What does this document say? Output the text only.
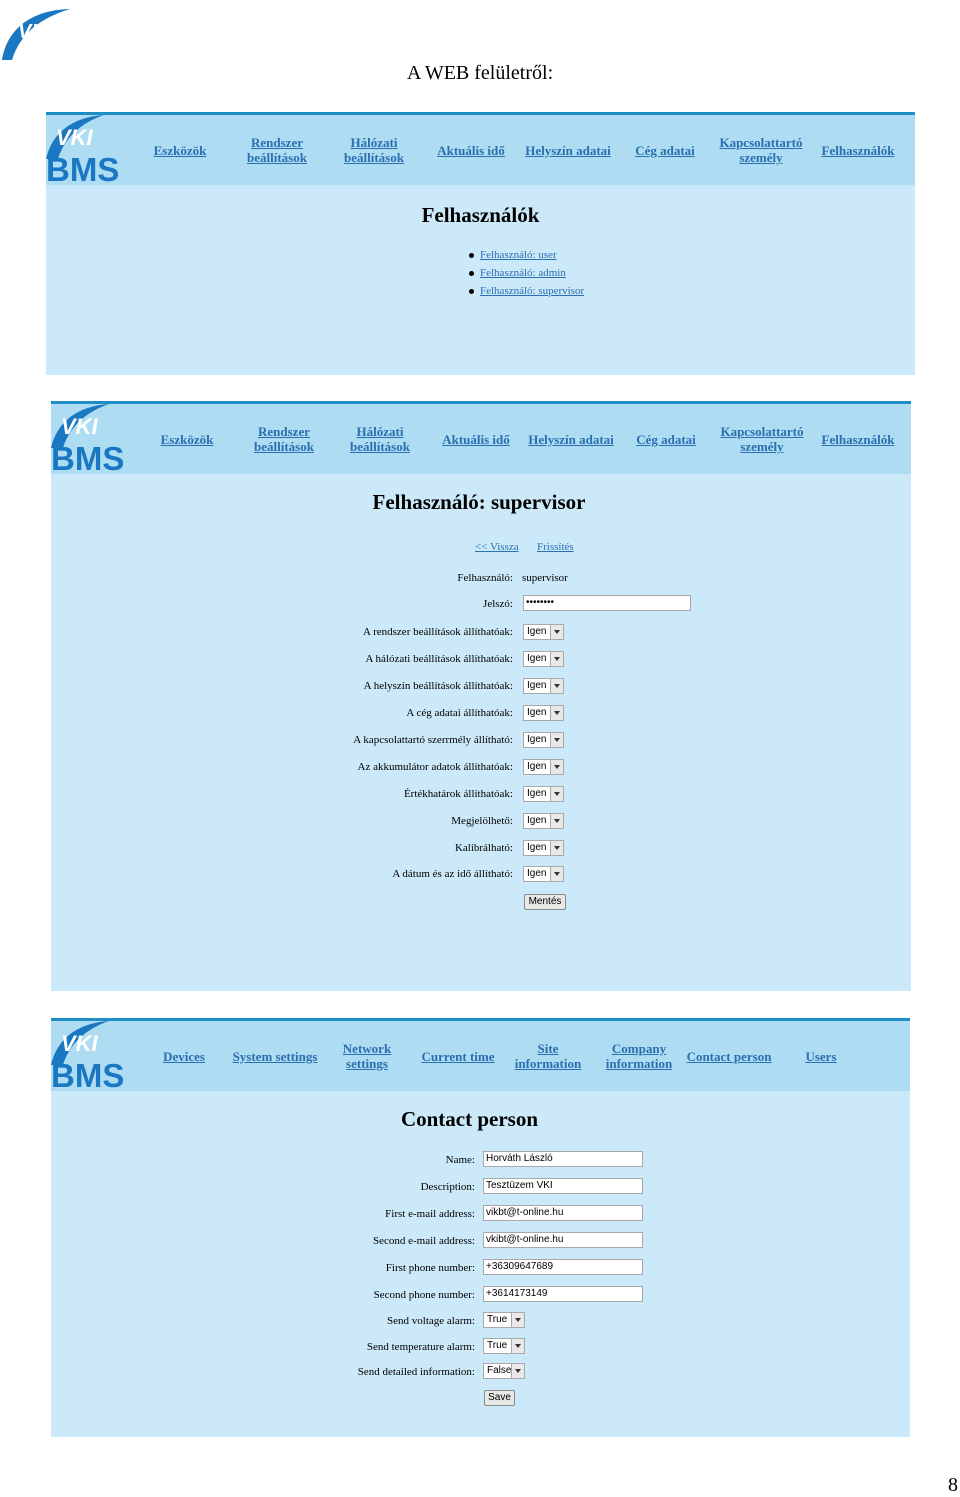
VKI
A WEB felületről:
8
VKI
BMS
Eszközök	Rendszer
beállítások
Hálózati
beállítások	Aktuális idő Helyszín adatai Cég adatai Kapcsolattartó
személy	Felhasználók
Felhasználók
Felhasználó: user
Felhasználó: admin
Felhasználó: supervisor
VKI
BMS
Eszközök	Rendszer
beállítások
Hálózati
beállítások Aktuális idő Helyszín adatai Cég adatai Kapcsolattartó
személy	Felhasználók
Felhasználó: supervisor
<< Vissza Frissítés
Felhasználó: supervisor
Jelszó:	••••••••
A rendszer beállítások állíthatóak:	Igen
A hálózati beállítások állíthatóak:	Igen
A helyszín beállítások állíthatóak:	Igen
A cég adatai állíthatóak:	Igen
A kapcsolattartó szerrmély állítható:	Igen
Az akkumulátor adatok állíthatóak:	Igen
Értékhatárok állíthatóak:	Igen
Megjelölhető:	Igen
Kalibrálható:	Igen
A dátum és az idő állítható:	Igen
Mentés
VKI
BMS
Devices System settings Network
settings	Current time	Site
information
Company
information Contact person	Users
Contact person
Name:	Horváth László
Description:	Tesztüzem VKI
First e-mail address:	vikbt@t-online.hu
Second e-mail address:	vkibt@t-online.hu
First phone number:	+36309647689
Second phone number:	+3614173149
Send voltage alarm:	True
Send temperature alarm:	True
Send detailed information:	False
Save
